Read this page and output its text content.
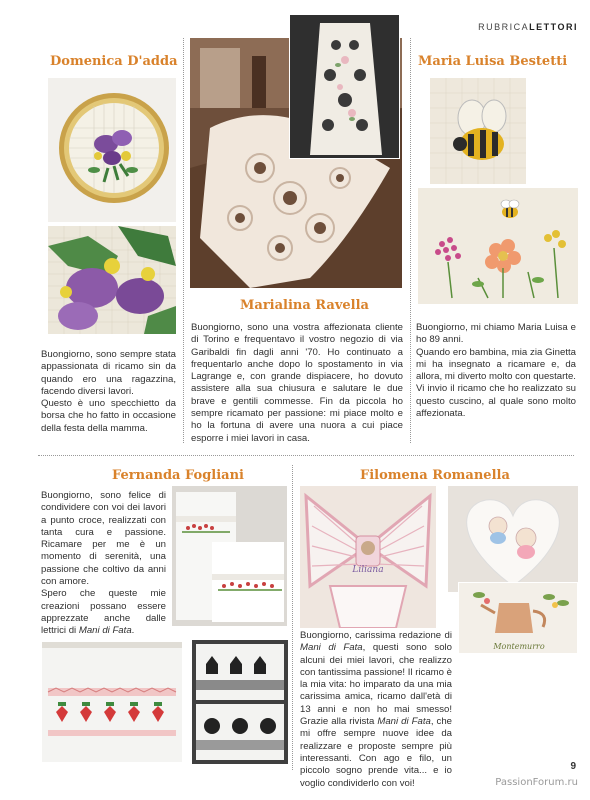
RUBRICALETTORI
Domenica D'adda

Buongiorno, sono sempre stata appassionata di ricamo sin da quando ero una ragazzina, facendo diversi lavori.

Questo è uno specchietto da borsa che ho fatto in occasione della festa della mamma.

Marialina Ravella

Buongiorno, sono una vostra affezionata cliente di Torino e frequentavo il vostro negozio di via Garibaldi fin dagli anni '70. Ho continuato a frequentarlo anche dopo lo spostamento in via Lagrange e, con grande dispiacere, ho dovuto assistere alla sua chiusura e salutare le due brave e gentili commesse. Fin da piccola ho sempre ricamato per passione: mi piace molto e ho la fortuna di avere una nuora a cui piace esporre i miei lavori in casa.

Maria Luisa Bestetti

Buongiorno, mi chiamo Maria Luisa e ho 89 anni.

Quando ero bambina, mia zia Ginetta mi ha insegnato a ricamare e, da allora, mi diverto molto con questarte.

Vi invio il ricamo che ho realizzato su questo cuscino, al quale sono molto affezionata.

Fernanda Fogliani

Buongiorno, sono felice di condividere con voi dei lavori a punto croce, realizzati con tanta cura e passione. Ricamare per me è un momento di serenità, una passione che coltivo da anni con amore.

Spero che queste mie creazioni possano essere apprezzate anche dalle lettrici di Mani di Fata.

Filomena Romanella
Liliana
Montemurro

Buongiorno, carissima redazione di Mani di Fata, questi sono solo alcuni dei miei lavori, che realizzo con tantissima passione! Il ricamo è la mia vita: ho imparato da una mia carissima amica, ricamo dall'età di 13 anni e non ho mai smesso! Grazie alla rivista Mani di Fata, che mi offre sempre nuove idee da realizzare e proposte sempre più interessanti. Con ago e filo, un piccolo sogno prende vita... e io voglio condividerlo con voi!

9
PassionForum.ru
